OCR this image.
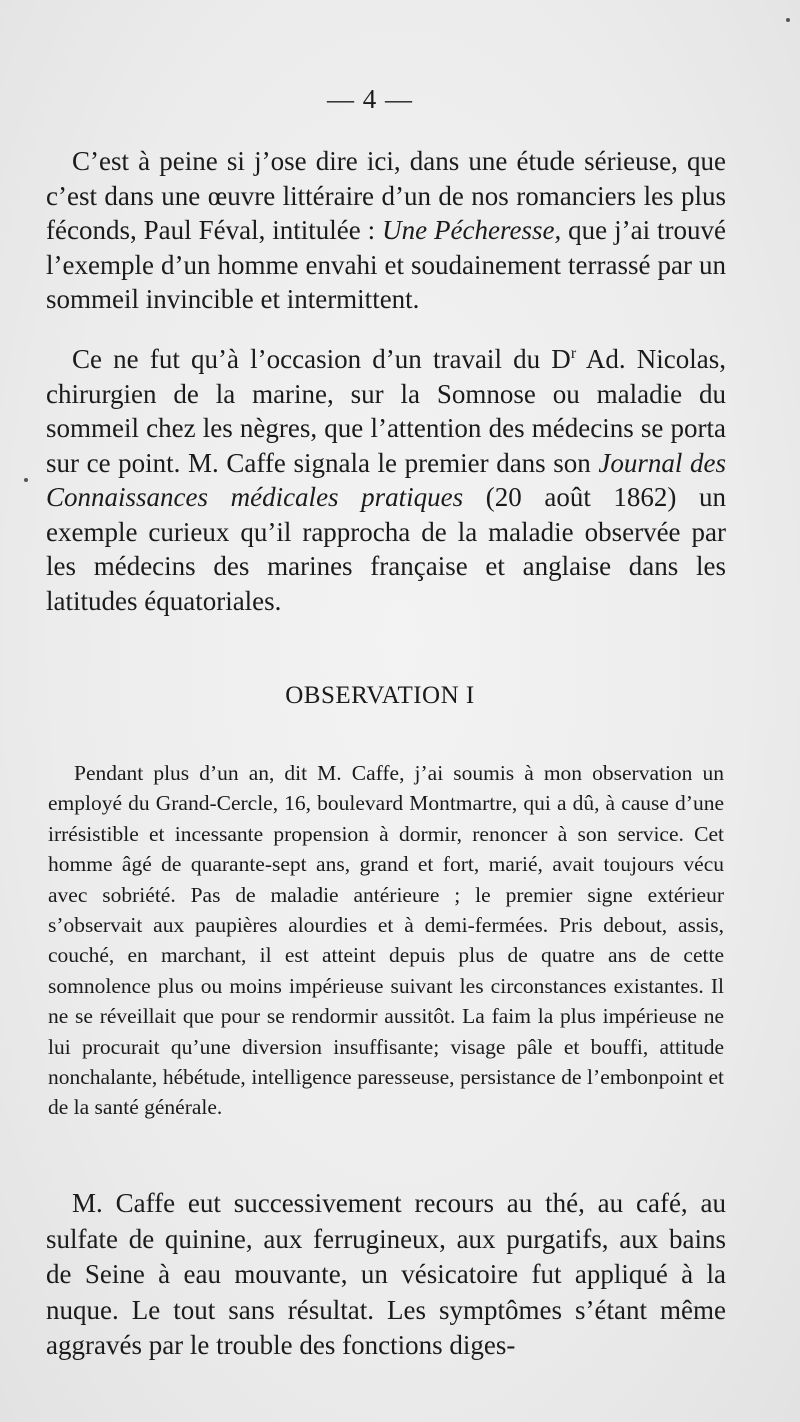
— 4 —

C’est à peine si j’ose dire ici, dans une étude sérieuse, que c’est dans une œuvre littéraire d’un de nos romanciers les plus féconds, Paul Féval, intitulée : Une Pécheresse, que j’ai trouvé l’exemple d’un homme envahi et soudainement terrassé par un sommeil invincible et intermittent.

Ce ne fut qu’à l’occasion d’un travail du $D^r$ Ad. Nicolas, chirurgien de la marine, sur la Somnose ou maladie du sommeil chez les nègres, que l’attention des médecins se porta sur ce point. M. Caffe signala le premier dans son Journal des Connaissances médicales pratiques (20 août 1862) un exemple curieux qu’il rapprocha de la maladie observée par les médecins des marines française et anglaise dans les latitudes équatoriales.

OBSERVATION I

Pendant plus d’un an, dit M. Caffe, j’ai soumis à mon observation un employé du Grand-Cercle, 16, boulevard Montmartre, qui a dû, à cause d’une irrésistible et incessante propension à dormir, renoncer à son service. Cet homme âgé de quarante-sept ans, grand et fort, marié, avait toujours vécu avec sobriété. Pas de maladie antérieure ; le premier signe extérieur s’observait aux paupières alourdies et à demi-fermées. Pris debout, assis, couché, en marchant, il est atteint depuis plus de quatre ans de cette somnolence plus ou moins impérieuse suivant les circonstances existantes. Il ne se réveillait que pour se rendormir aussitôt. La faim la plus impérieuse ne lui procurait qu’une diversion insuffisante; visage pâle et bouffi, attitude nonchalante, hébétude, intelligence paresseuse, persistance de l’embonpoint et de la santé générale.

M. Caffe eut successivement recours au thé, au café, au sulfate de quinine, aux ferrugineux, aux purgatifs, aux bains de Seine à eau mouvante, un vésicatoire fut appliqué à la nuque. Le tout sans résultat. Les symptômes s’étant même aggravés par le trouble des fonctions diges-
